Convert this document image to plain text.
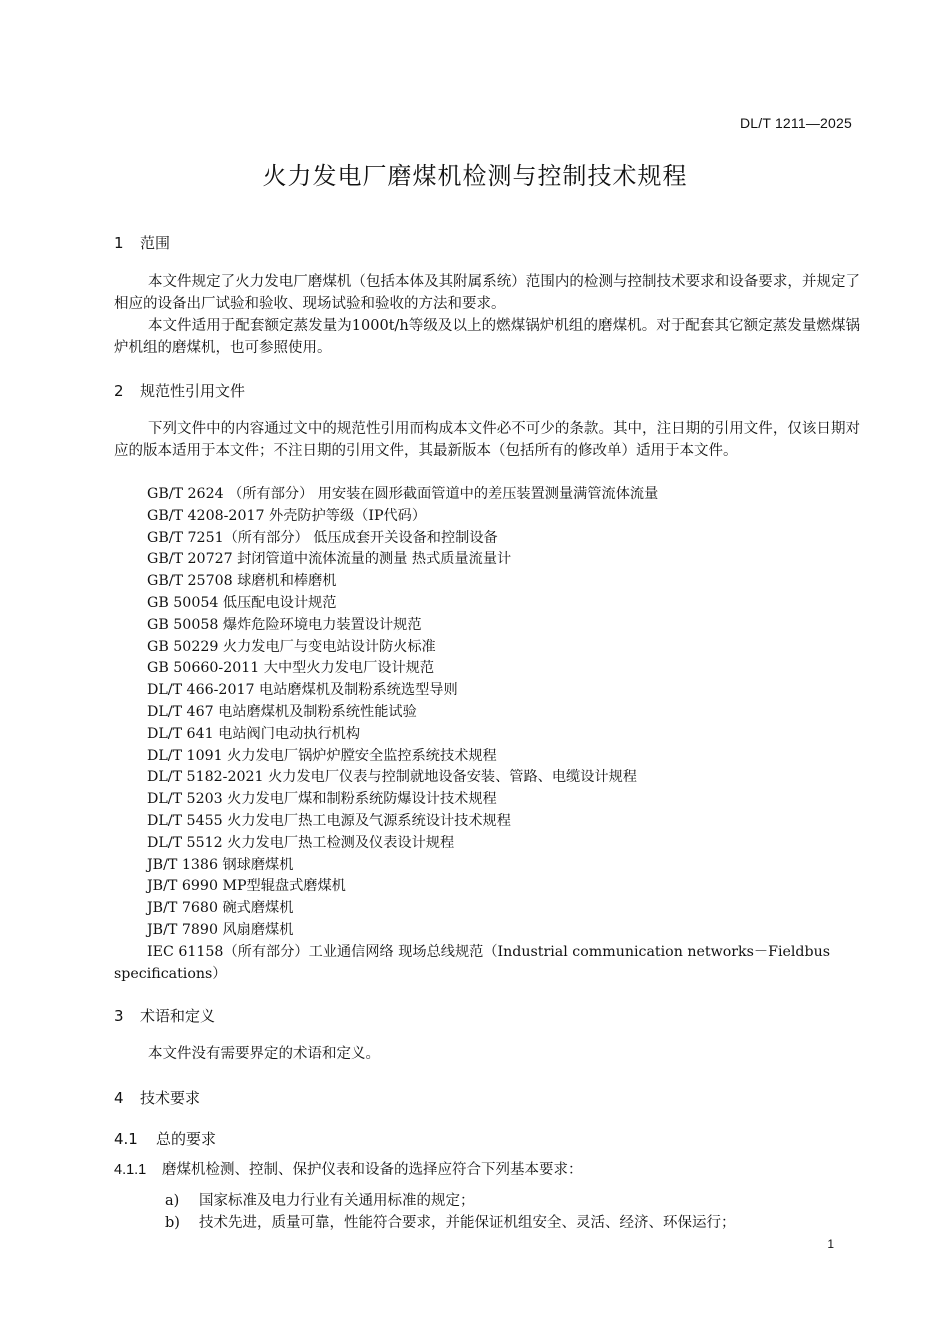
DL/T 1211—2025
火力发电厂磨煤机检测与控制技术规程
1 范围

本文件规定了火力发电厂磨煤机（包括本体及其附属系统）范围内的检测与控制技术要求和设备要求，并规定了相应的设备出厂试验和验收、现场试验和验收的方法和要求。

本文件适用于配套额定蒸发量为1000t/h等级及以上的燃煤锅炉机组的磨煤机。对于配套其它额定蒸发量燃煤锅炉机组的磨煤机，也可参照使用。

2 规范性引用文件

下列文件中的内容通过文中的规范性引用而构成本文件必不可少的条款。其中，注日期的引用文件，仅该日期对应的版本适用于本文件；不注日期的引用文件，其最新版本（包括所有的修改单）适用于本文件。

GB/T 2624 （所有部分） 用安装在圆形截面管道中的差压装置测量满管流体流量
GB/T 4208-2017 外壳防护等级（IP代码）
GB/T 7251（所有部分） 低压成套开关设备和控制设备
GB/T 20727 封闭管道中流体流量的测量 热式质量流量计
GB/T 25708 球磨机和棒磨机
GB 50054 低压配电设计规范
GB 50058 爆炸危险环境电力装置设计规范
GB 50229 火力发电厂与变电站设计防火标准
GB 50660-2011 大中型火力发电厂设计规范
DL/T 466-2017 电站磨煤机及制粉系统选型导则
DL/T 467 电站磨煤机及制粉系统性能试验
DL/T 641 电站阀门电动执行机构
DL/T 1091 火力发电厂锅炉炉膛安全监控系统技术规程
DL/T 5182-2021 火力发电厂仪表与控制就地设备安装、管路、电缆设计规程
DL/T 5203 火力发电厂煤和制粉系统防爆设计技术规程
DL/T 5455 火力发电厂热工电源及气源系统设计技术规程
DL/T 5512 火力发电厂热工检测及仪表设计规程
JB/T 1386 钢球磨煤机
JB/T 6990 MP型辊盘式磨煤机
JB/T 7680 碗式磨煤机
JB/T 7890 风扇磨煤机
IEC 61158（所有部分）工业通信网络 现场总线规范（Industrial communication networks－Fieldbus specifications）
3 术语和定义

本文件没有需要界定的术语和定义。

4 技术要求
4.1 总的要求
4.1.1 磨煤机检测、控制、保护仪表和设备的选择应符合下列基本要求：
a) 国家标准及电力行业有关通用标准的规定；
b) 技术先进，质量可靠，性能符合要求，并能保证机组安全、灵活、经济、环保运行；
1
